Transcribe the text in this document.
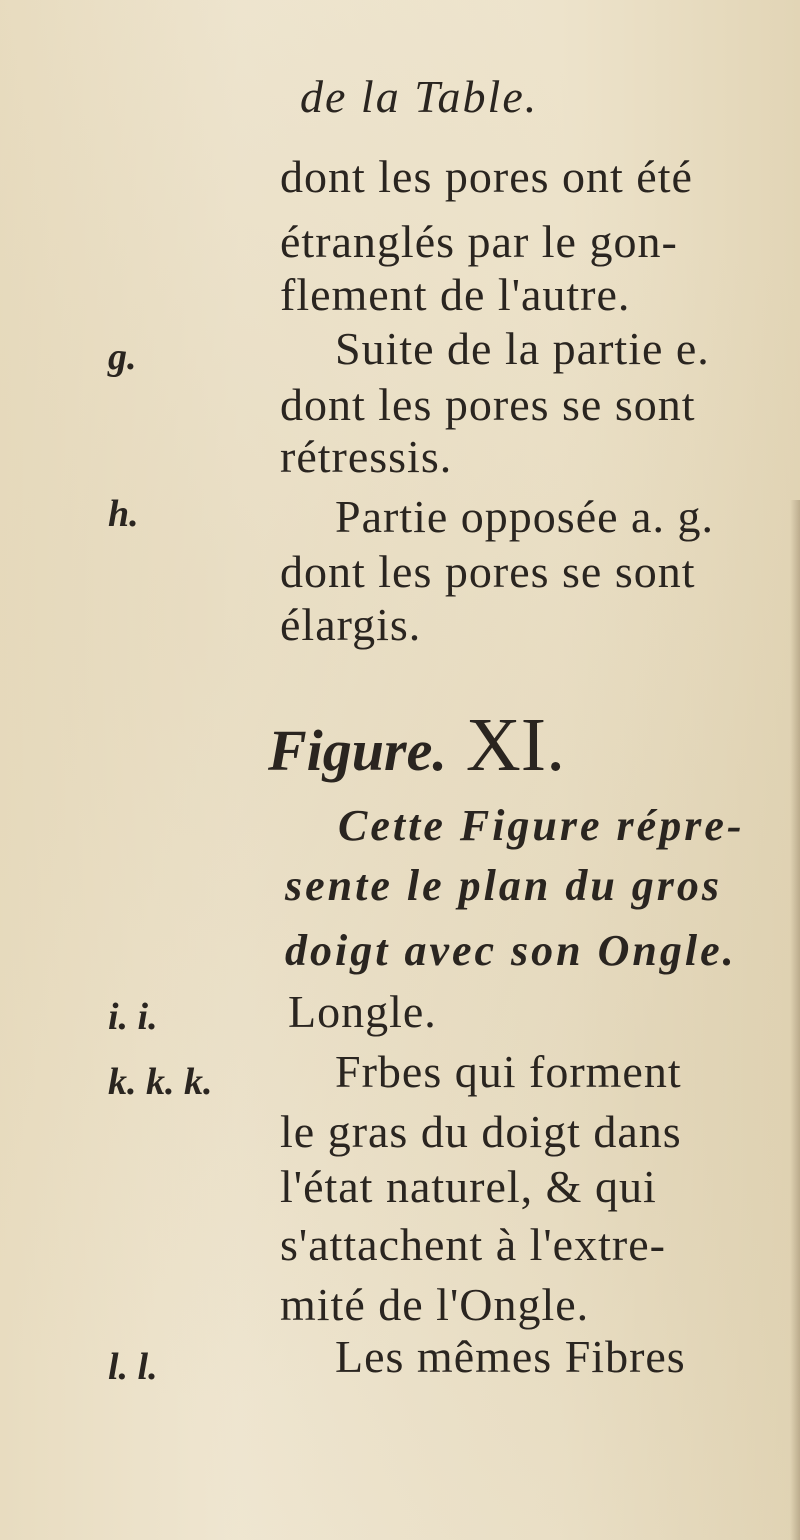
de la Table.
dont les pores ont été
étranglés par le gon-
flement de l'autre.
g.	Suite de la partie e.
dont les pores se sont
rétressis.
h.	Partie opposée a. g.
dont les pores se sont
élargis.
Figure. XI.
Cette Figure répre-
sente le plan du gros
doigt avec son Ongle.
i. i.	Longle.
k. k. k.	Frbes qui forment
le gras du doigt dans
l'état naturel, & qui
s'attachent à l'extre-
mité de l'Ongle.
l. l.	Les mêmes Fibres
